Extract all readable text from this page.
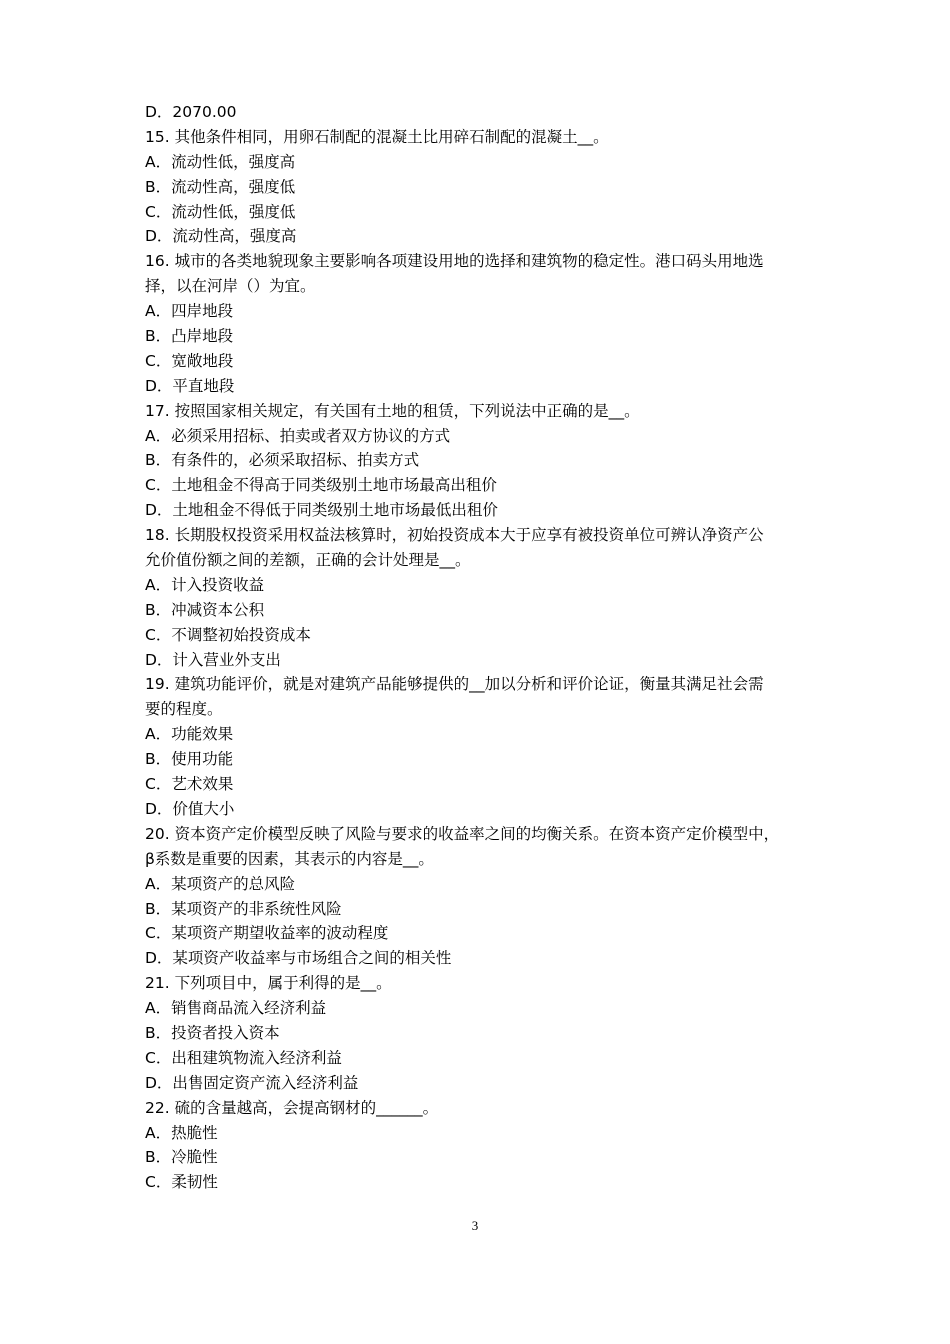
D．2070.00
15. 其他条件相同，用卵石制配的混凝土比用碎石制配的混凝土__。
A．流动性低，强度高
B．流动性高，强度低
C．流动性低，强度低
D．流动性高，强度高
16. 城市的各类地貌现象主要影响各项建设用地的选择和建筑物的稳定性。港口码头用地选
择，以在河岸（）为宜。
A．四岸地段
B．凸岸地段
C．宽敞地段
D．平直地段
17. 按照国家相关规定，有关国有土地的租赁，下列说法中正确的是__。
A．必须采用招标、拍卖或者双方协议的方式
B．有条件的，必须采取招标、拍卖方式
C．土地租金不得高于同类级别土地市场最高出租价
D．土地租金不得低于同类级别土地市场最低出租价
18. 长期股权投资采用权益法核算时，初始投资成本大于应享有被投资单位可辨认净资产公
允价值份额之间的差额，正确的会计处理是__。
A．计入投资收益
B．冲减资本公积
C．不调整初始投资成本
D．计入营业外支出
19. 建筑功能评价，就是对建筑产品能够提供的__加以分析和评价论证，衡量其满足社会需
要的程度。
A．功能效果
B．使用功能
C．艺术效果
D．价值大小
20. 资本资产定价模型反映了风险与要求的收益率之间的均衡关系。在资本资产定价模型中，
β系数是重要的因素，其表示的内容是__。
A．某项资产的总风险
B．某项资产的非系统性风险
C．某项资产期望收益率的波动程度
D．某项资产收益率与市场组合之间的相关性
21. 下列项目中，属于利得的是__。
A．销售商品流入经济利益
B．投资者投入资本
C．出租建筑物流入经济利益
D．出售固定资产流入经济利益
22. 硫的含量越高，会提高钢材的______。
A．热脆性
B．冷脆性
C．柔韧性
3
